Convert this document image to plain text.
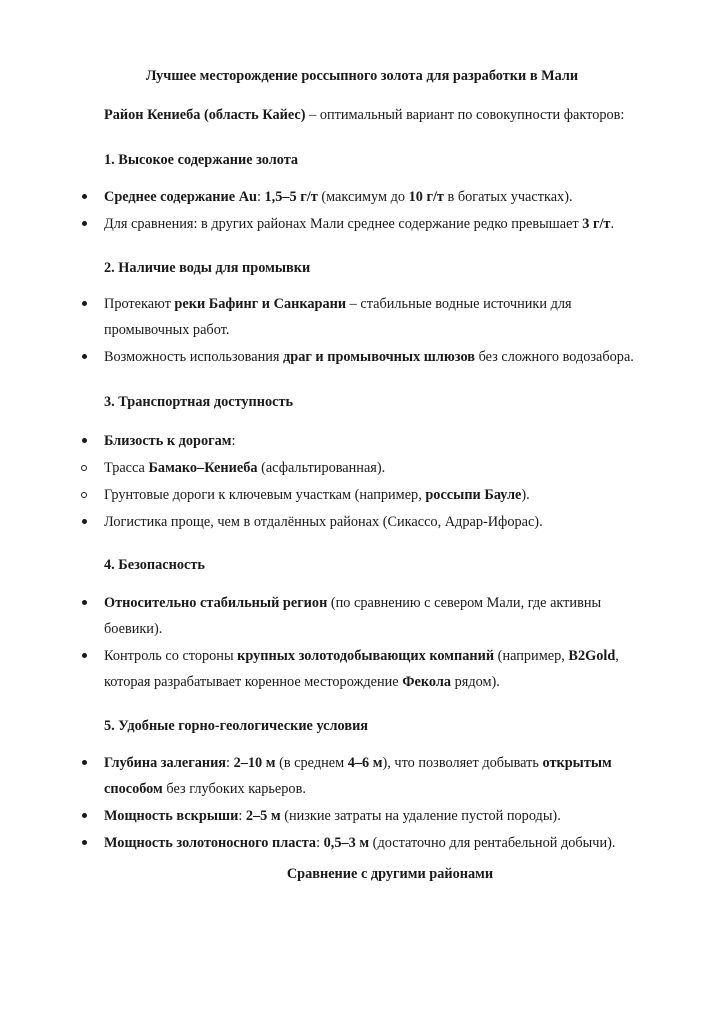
Лучшее месторождение россыпного золота для разработки в Мали
Район Кениеба (область Кайес) – оптимальный вариант по совокупности факторов:
1. Высокое содержание золота
Среднее содержание Au: 1,5–5 г/т (максимум до 10 г/т в богатых участках).
Для сравнения: в других районах Мали среднее содержание редко превышает 3 г/т.
2. Наличие воды для промывки
Протекают реки Бафинг и Санкарани – стабильные водные источники для
промывочных работ.
Возможность использования драг и промывочных шлюзов без сложного водозабора.
3. Транспортная доступность
Близость к дорогам:
Трасса Бамако–Кениеба (асфальтированная).
Грунтовые дороги к ключевым участкам (например, россыпи Бауле).
Логистика проще, чем в отдалённых районах (Сикассо, Адрар-Ифорас).
4. Безопасность
Относительно стабильный регион (по сравнению с севером Мали, где активны
боевики).
Контроль со стороны крупных золотодобывающих компаний (например, B2Gold,
которая разрабатывает коренное месторождение Фекола рядом).
5. Удобные горно-геологические условия
Глубина залегания: 2–10 м (в среднем 4–6 м), что позволяет добывать открытым
способом без глубоких карьеров.
Мощность вскрыши: 2–5 м (низкие затраты на удаление пустой породы).
Мощность золотоносного пласта: 0,5–3 м (достаточно для рентабельной добычи).
Сравнение с другими районами
